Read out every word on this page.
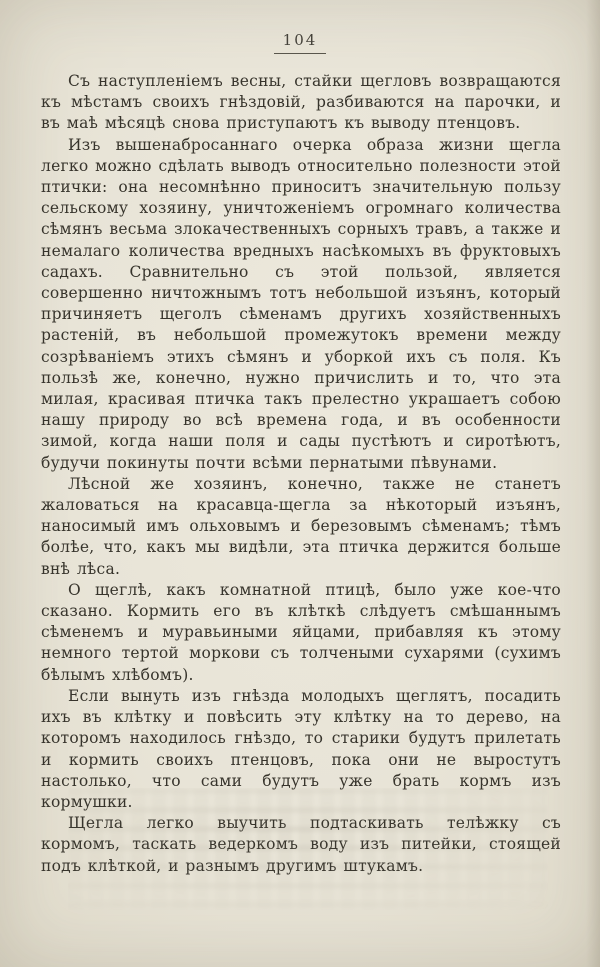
104

Съ наступленіемъ весны, стайки щегловъ возвращаются къ мѣстамъ своихъ гнѣздовій, разбиваются на парочки, и въ маѣ мѣсяцѣ снова приступаютъ къ выводу птенцовъ.

Изъ вышенабросаннаго очерка образа жизни щегла легко можно сдѣлать выводъ относительно полезности этой птички: она несомнѣнно приноситъ значительную пользу сельскому хозяину, уничтоженіемъ огромнаго количества сѣмянъ весьма злокачественныхъ сорныхъ травъ, а также и немалаго количества вредныхъ насѣкомыхъ въ фруктовыхъ садахъ. Сравнительно съ этой пользой, является совершенно ничтожнымъ тотъ небольшой изъянъ, который причиняетъ щеголъ сѣменамъ другихъ хозяйственныхъ растеній, въ небольшой промежутокъ времени между созрѣваніемъ этихъ сѣмянъ и уборкой ихъ съ поля. Къ пользѣ же, конечно, нужно причислить и то, что эта милая, красивая птичка такъ прелестно украшаетъ собою нашу природу во всѣ времена года, и въ особенности зимой, когда наши поля и сады пустѣютъ и сиротѣютъ, будучи покинуты почти всѣми пернатыми пѣвунами.

Лѣсной же хозяинъ, конечно, также не станетъ жаловаться на красавца-щегла за нѣкоторый изъянъ, наносимый имъ ольховымъ и березовымъ сѣменамъ; тѣмъ болѣе, что, какъ мы видѣли, эта птичка держится больше внѣ лѣса.

О щеглѣ, какъ комнатной птицѣ, было уже кое-что сказано. Кормить его въ клѣткѣ слѣдуетъ смѣшаннымъ сѣменемъ и муравьиными яйцами, прибавляя къ этому немного тертой моркови съ толчеными сухарями (сухимъ бѣлымъ хлѣбомъ).

Если вынуть изъ гнѣзда молодыхъ щеглятъ, посадить ихъ въ клѣтку и повѣсить эту клѣтку на то дерево, на которомъ находилось гнѣздо, то старики будутъ прилетать и кормить своихъ птенцовъ, пока они не выростутъ настолько, что сами будутъ уже брать кормъ изъ кормушки.

Щегла легко выучить подтаскивать телѣжку съ кормомъ, таскать ведеркомъ воду изъ питейки, стоящей подъ клѣткой, и разнымъ другимъ штукамъ.
